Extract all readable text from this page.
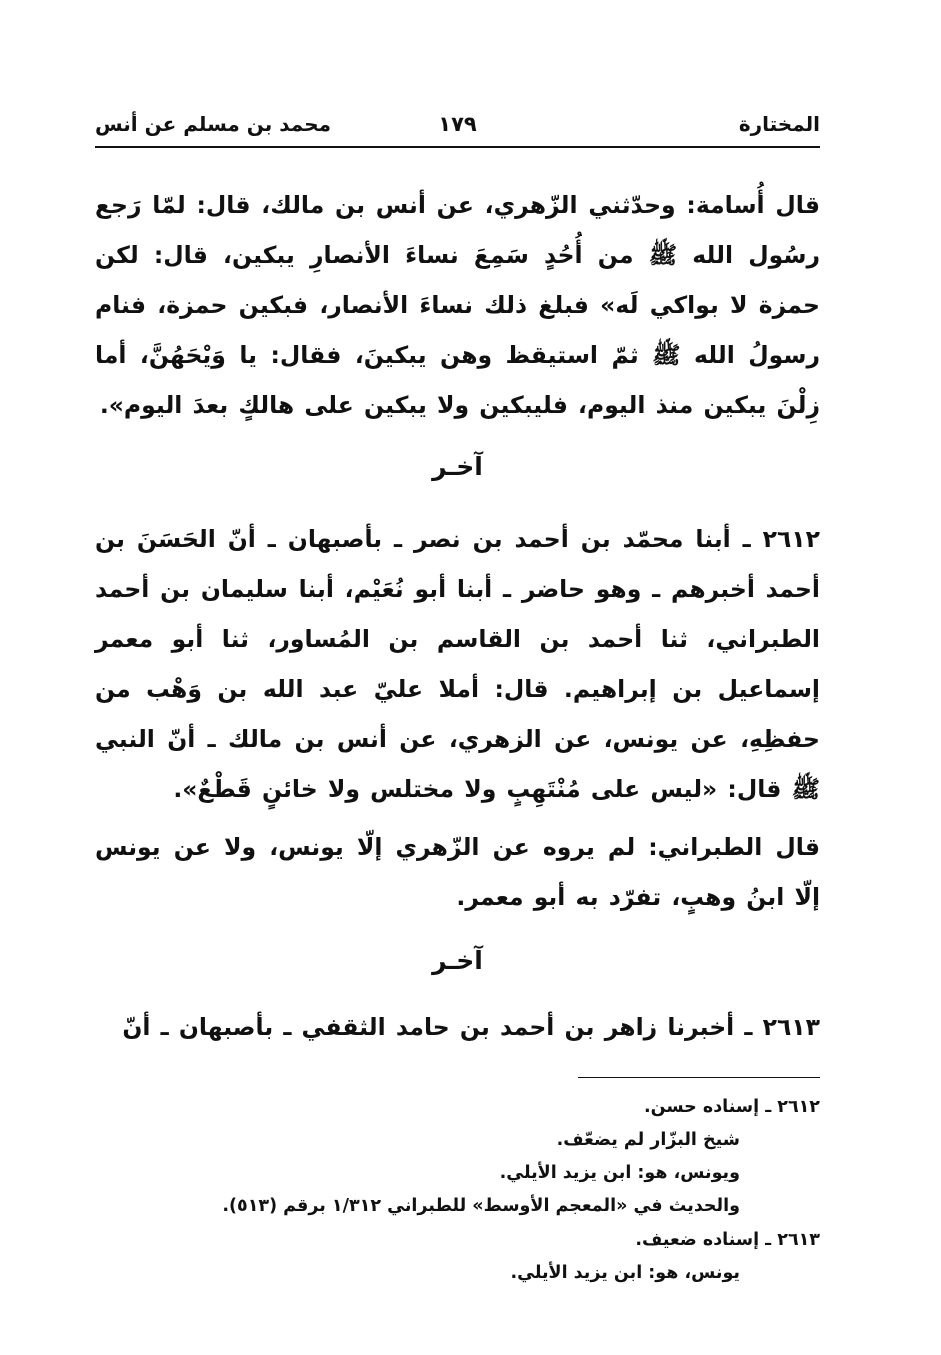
المختارة
١٧٩
محمد بن مسلم عن أنس
قال أُسامة: وحدّثني الزّهري، عن أنس بن مالك، قال: لمّا رَجع رسُول الله ﷺ من أُحُدٍ سَمِعَ نساءَ الأنصارِ يبكين، قال: لكن حمزة لا بواكي لَه» فبلغ ذلك نساءَ الأنصار، فبكين حمزة، فنام رسولُ الله ﷺ ثمّ استيقظ وهن يبكينَ، فقال: يا وَيْحَهُنَّ، أما زِلْنَ يبكين منذ اليوم، فليبكين ولا يبكين على هالكٍ بعدَ اليوم».
آخـر
٢٦١٢ ـ أبنا محمّد بن أحمد بن نصر ـ بأصبهان ـ أنّ الحَسَنَ بن أحمد أخبرهم ـ وهو حاضر ـ أبنا أبو نُعَيْم، أبنا سليمان بن أحمد الطبراني، ثنا أحمد بن القاسم بن المُساور، ثنا أبو معمر إسماعيل بن إبراهيم. قال: أملا عليّ عبد الله بن وَهْب من حفظِهِ، عن يونس، عن الزهري، عن أنس بن مالك ـ أنّ النبي ﷺ قال: «ليس على مُنْتَهِبٍ ولا مختلس ولا خائنٍ قَطْعٌ».
قال الطبراني: لم يروه عن الزّهري إلّا يونس، ولا عن يونس إلّا ابنُ وهبٍ، تفرّد به أبو معمر.
آخـر
٢٦١٣ ـ أخبرنا زاهر بن أحمد بن حامد الثقفي ـ بأصبهان ـ أنّ
٢٦١٢ ـ إسناده حسن.
شيخ البزّار لم يضعّف.
ويونس، هو: ابن يزيد الأيلي.
والحديث في «المعجم الأوسط» للطبراني ١/٣١٢ برقم (٥١٣).
٢٦١٣ ـ إسناده ضعيف.
يونس، هو: ابن يزيد الأيلي.
